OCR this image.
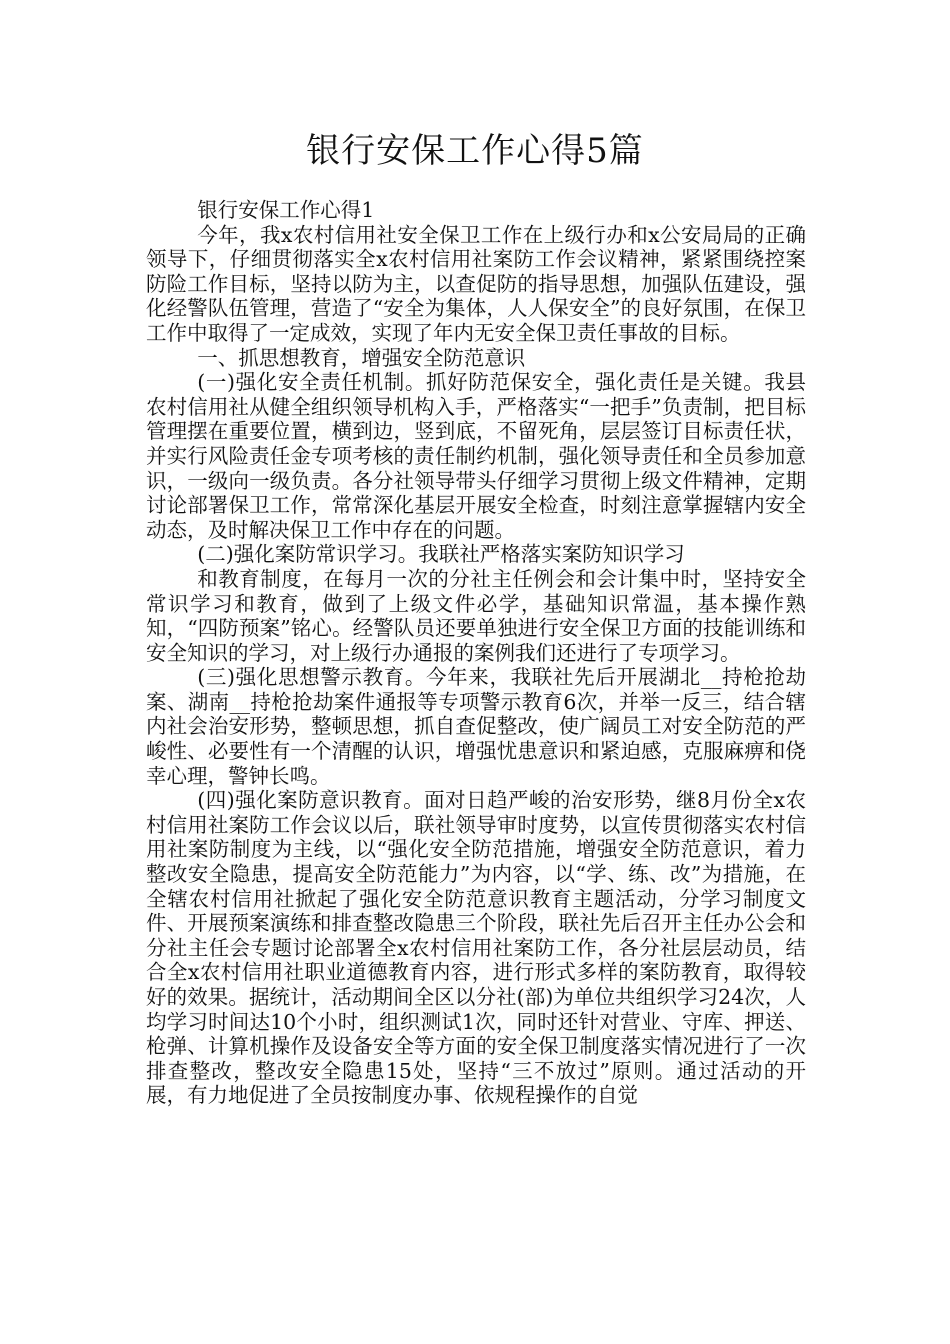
银行安保工作心得5篇

银行安保工作心得1

今年，我x农村信用社安全保卫工作在上级行办和x公安局局的正确领导下，仔细贯彻落实全x农村信用社案防工作会议精神，紧紧围绕控案防险工作目标，坚持以防为主，以查促防的指导思想，加强队伍建设，强化经警队伍管理，营造了“安全为集体，人人保安全”的良好氛围，在保卫工作中取得了一定成效，实现了年内无安全保卫责任事故的目标。

一、抓思想教育，增强安全防范意识

(一)强化安全责任机制。抓好防范保安全，强化责任是关键。我县农村信用社从健全组织领导机构入手，严格落实“一把手”负责制，把目标管理摆在重要位置，横到边，竖到底，不留死角，层层签订目标责任状，并实行风险责任金专项考核的责任制约机制，强化领导责任和全员参加意识，一级向一级负责。各分社领导带头仔细学习贯彻上级文件精神，定期讨论部署保卫工作，常常深化基层开展安全检查，时刻注意掌握辖内安全动态，及时解决保卫工作中存在的问题。

(二)强化案防常识学习。我联社严格落实案防知识学习

和教育制度，在每月一次的分社主任例会和会计集中时，坚持安全常识学习和教育，做到了上级文件必学，基础知识常温，基本操作熟知，“四防预案”铭心。经警队员还要单独进行安全保卫方面的技能训练和安全知识的学习，对上级行办通报的案例我们还进行了专项学习。

(三)强化思想警示教育。今年来，我联社先后开展湖北__持枪抢劫案、湖南__持枪抢劫案件通报等专项警示教育6次，并举一反三，结合辖内社会治安形势，整顿思想，抓自查促整改，使广阔员工对安全防范的严峻性、必要性有一个清醒的认识，增强忧患意识和紧迫感，克服麻痹和侥幸心理，警钟长鸣。

(四)强化案防意识教育。面对日趋严峻的治安形势，继8月份全x农村信用社案防工作会议以后，联社领导审时度势，以宣传贯彻落实农村信用社案防制度为主线，以“强化安全防范措施，增强安全防范意识，着力整改安全隐患，提高安全防范能力”为内容，以“学、练、改”为措施，在全辖农村信用社掀起了强化安全防范意识教育主题活动，分学习制度文件、开展预案演练和排查整改隐患三个阶段，联社先后召开主任办公会和分社主任会专题讨论部署全x农村信用社案防工作，各分社层层动员，结合全x农村信用社职业道德教育内容，进行形式多样的案防教育，取得较好的效果。据统计，活动期间全区以分社(部)为单位共组织学习24次，人均学习时间达10个小时，组织测试1次，同时还针对营业、守库、押送、枪弹、计算机操作及设备安全等方面的安全保卫制度落实情况进行了一次排查整改，整改安全隐患15处，坚持“三不放过”原则。通过活动的开展，有力地促进了全员按制度办事、依规程操作的自觉
